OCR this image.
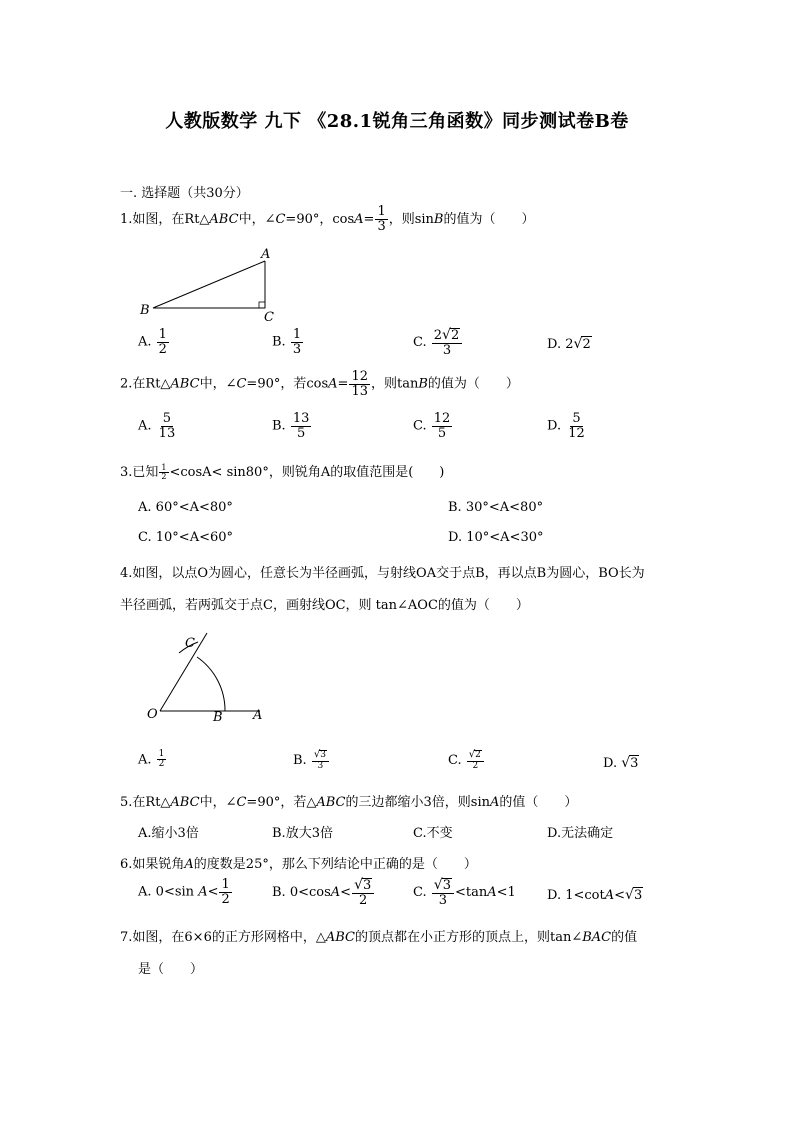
人教版数学 九下 《28.1锐角三角函数》同步测试卷B卷
一. 选择题（共30分）
1.如图，在Rt△ABC中，∠C=90°，$\cos A= \frac{1}{3}$ ，则sinB的值为（　　）
A
B	C
A. $\frac{1}{2}$	B. $\frac{1}{3}$	C. $\frac{2 √ 2}{3}$	D. 2 √ 2
2.在Rt△ABC中，∠C=90°，若$\cos A= \frac{12}{13}$ ，则tanB的值为（　　）
A. $\frac{5}{13}$	B. $\frac{13}{5}$	C. $\frac{12}{5}$	D. $\frac{5}{12}$
3.已知 $\frac{1}{2} <\cos A< \sin 80^\circ$，则锐角A的取值范围是(　　)
A. 60°<A<80°	B. 30°<A<80°
C. 10°<A<60°	D. 10°<A<30°
4.如图，以点O为圆心，任意长为半径画弧，与射线OA交于点B，再以点B为圆心，BO长为
半径画弧，若两弧交于点C，画射线OC，则 tan∠AOC的值为（　　）
O	B A
C
A. $\frac{1}{2}$	B. $\frac{√ 3}{3}$	C. $\frac{√ 2}{2}$	D. √ 3
5.在Rt△ABC中，∠C=90°，若△ABC的三边都缩小3倍，则sinA的值（　　）
A.缩小3倍	B.放大3倍	C.不变	D.无法确定
6.如果锐角A的度数是25°，那么下列结论中正确的是（　　）
A. 0<sin $A< \frac{1}{2}$	B. $0<\cos A< \frac{√ 3}{2}$	C. $\frac{√ 3}{3} <\tan A<1$ D. 1<cotA< √ 3
7.如图，在6×6的正方形网格中，△ABC的顶点都在小正方形的顶点上，则tan∠BAC的值
是（　　）
